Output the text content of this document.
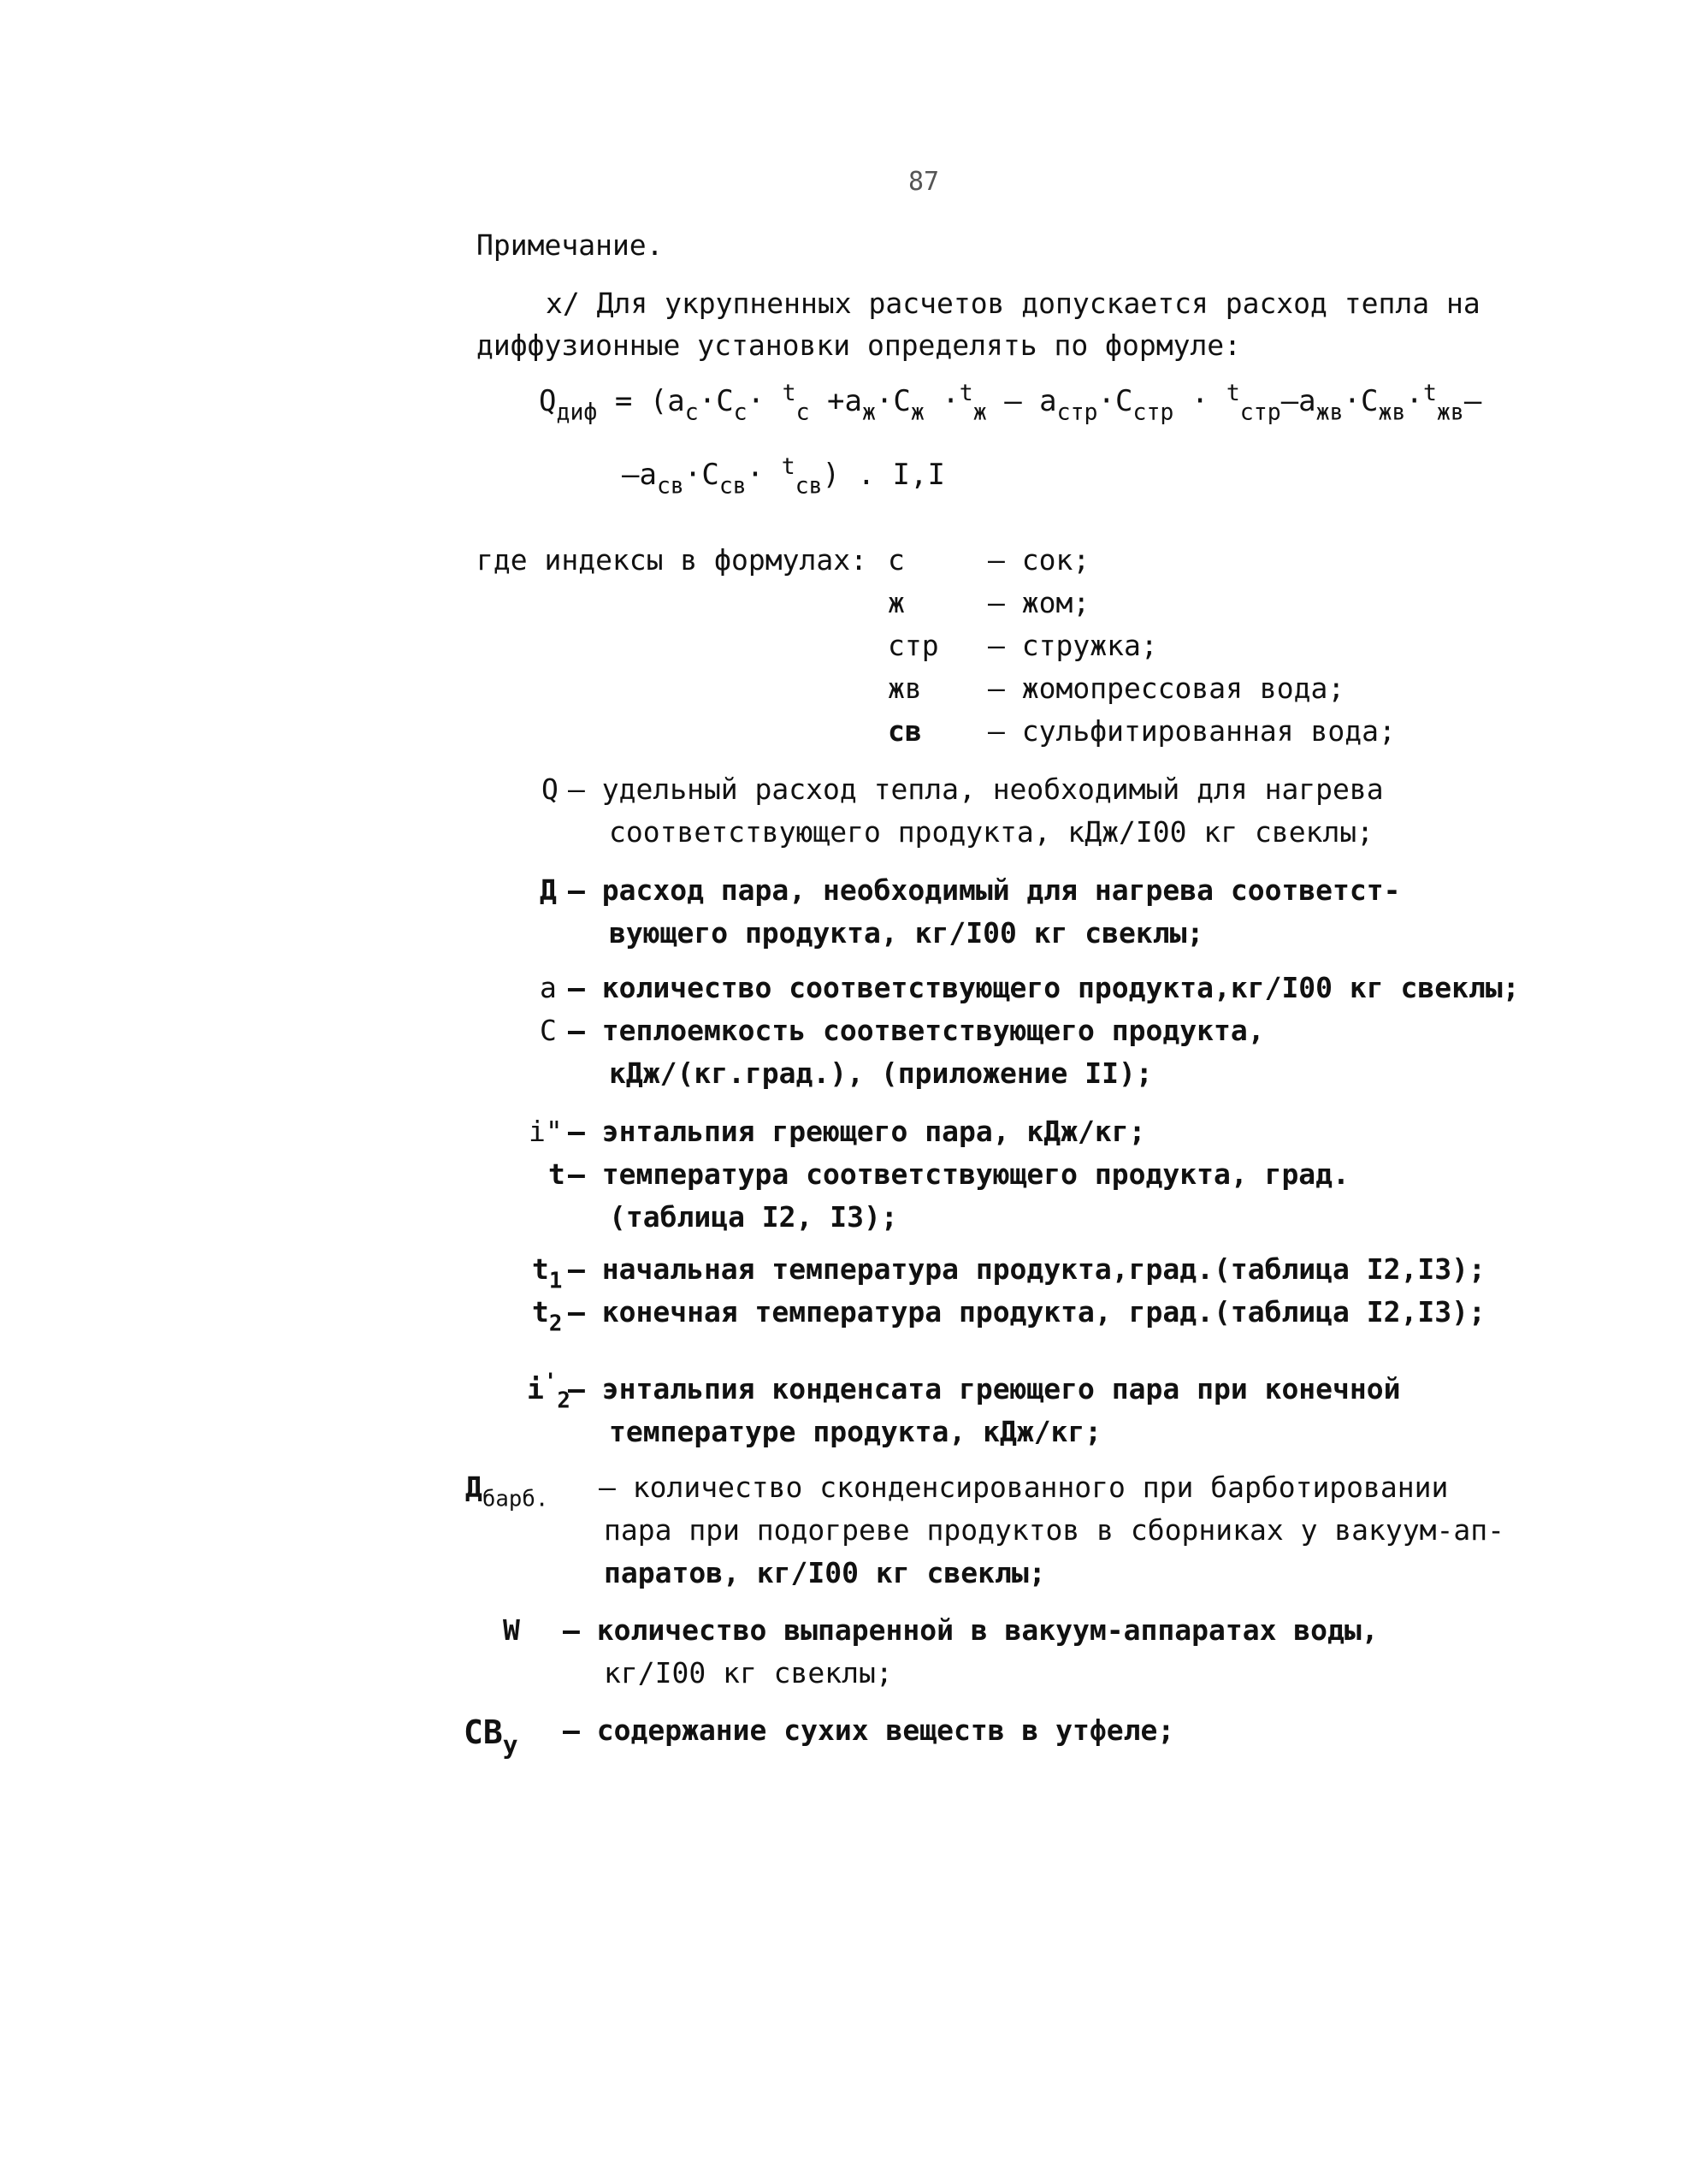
87
Примечание.
х/ Для укрупненных расчетов допускается расход тепла на
диффузионные установки определять по формуле:
$Q_{диф} = (a_c\cdot C_c\cdot ^t_c +a_ж\cdot C_ж \cdot^t_ж - a_{стр}\cdot C_{стр} \cdot ^t_{стр}-a_{жв}\cdot C_{жв}\cdot^t_{жв}-$
$-a_{св}\cdot C_{св}\cdot ^t_{св}$) . I,I
где индексы в формулах: с	– сок;
ж	– жом;
стр – стружка;
жв – жомопрессовая вода;
св – сульфитированная вода;
Q – удельный расход тепла, необходимый для нагрева
соответствующего продукта, кДж/I00 кг свеклы;
Д – расход пара, необходимый для нагрева соответст-
вующего продукта, кг/I00 кг свеклы;
а – количество соответствующего продукта,кг/I00 кг свеклы;
С – теплоемкость соответствующего продукта,
кДж/(кг.град.), (приложение II);
i" – энтальпия греющего пара, кДж/кг;
t – температура соответствующего продукта, град.
(таблица I2, I3);
$t_1$ – начальная температура продукта,град.(таблица I2,I3);
$t_2$ – конечная температура продукта, град.(таблица I2,I3);
$i'_2$
– энтальпия конденсата греющего пара при конечной
температуре продукта, кДж/кг;
$Д_{барб.}$ – количество сконденсированного при барботировании
пара при подогреве продуктов в сборниках у вакуум-ап-
паратов, кг/I00 кг свеклы;
W – количество выпаренной в вакуум-аппаратах воды,
кг/I00 кг свеклы;
$СВ_у$ – содержание сухих веществ в утфеле;
